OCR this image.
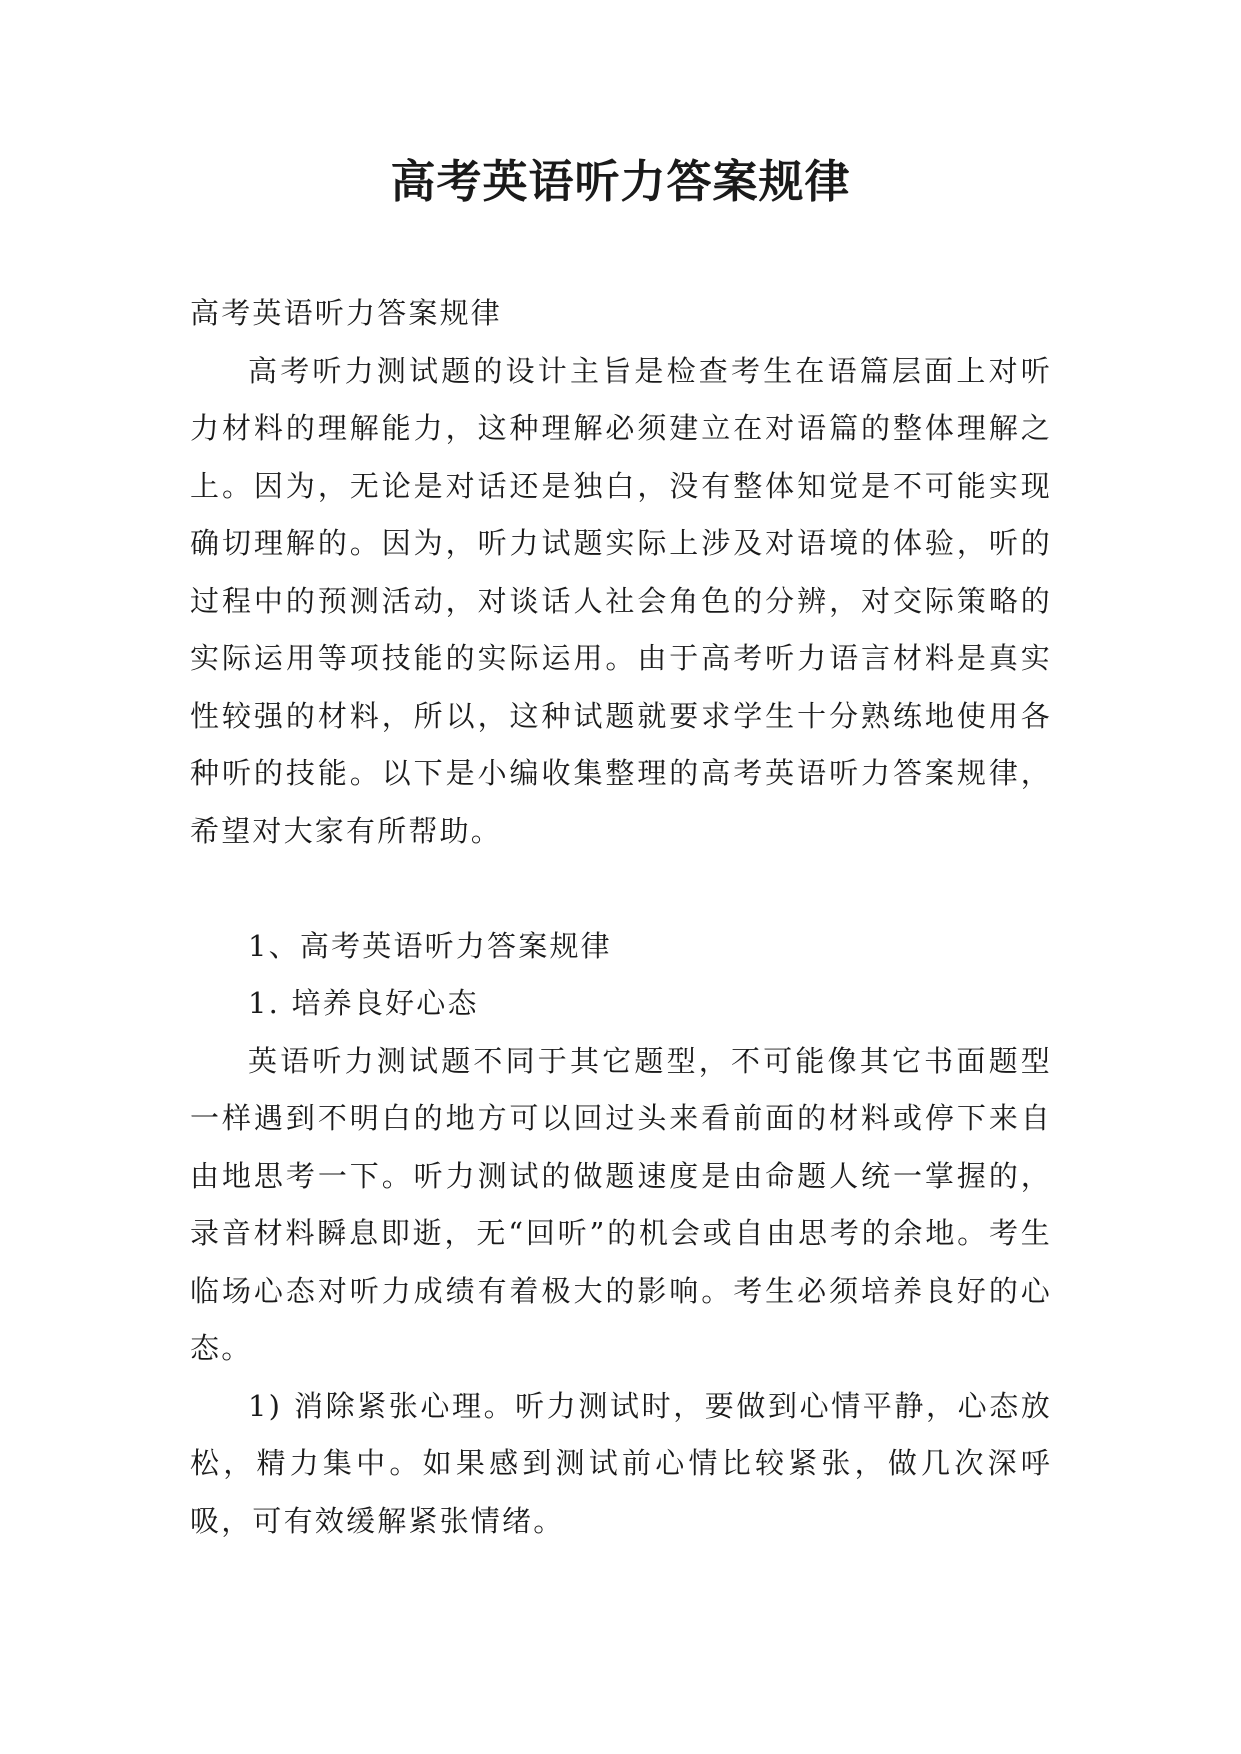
高考英语听力答案规律

高考英语听力答案规律

高考听力测试题的设计主旨是检查考生在语篇层面上对听力材料的理解能力，这种理解必须建立在对语篇的整体理解之上。因为，无论是对话还是独白，没有整体知觉是不可能实现确切理解的。因为，听力试题实际上涉及对语境的体验，听的过程中的预测活动，对谈话人社会角色的分辨，对交际策略的实际运用等项技能的实际运用。由于高考听力语言材料是真实性较强的材料，所以，这种试题就要求学生十分熟练地使用各种听的技能。以下是小编收集整理的高考英语听力答案规律，希望对大家有所帮助。

1、高考英语听力答案规律

1. 培养良好心态

英语听力测试题不同于其它题型，不可能像其它书面题型一样遇到不明白的地方可以回过头来看前面的材料或停下来自由地思考一下。听力测试的做题速度是由命题人统一掌握的，录音材料瞬息即逝，无“回听”的机会或自由思考的余地。考生临场心态对听力成绩有着极大的影响。考生必须培养良好的心态。

1) 消除紧张心理。听力测试时，要做到心情平静，心态放松，精力集中。如果感到测试前心情比较紧张，做几次深呼吸，可有效缓解紧张情绪。
